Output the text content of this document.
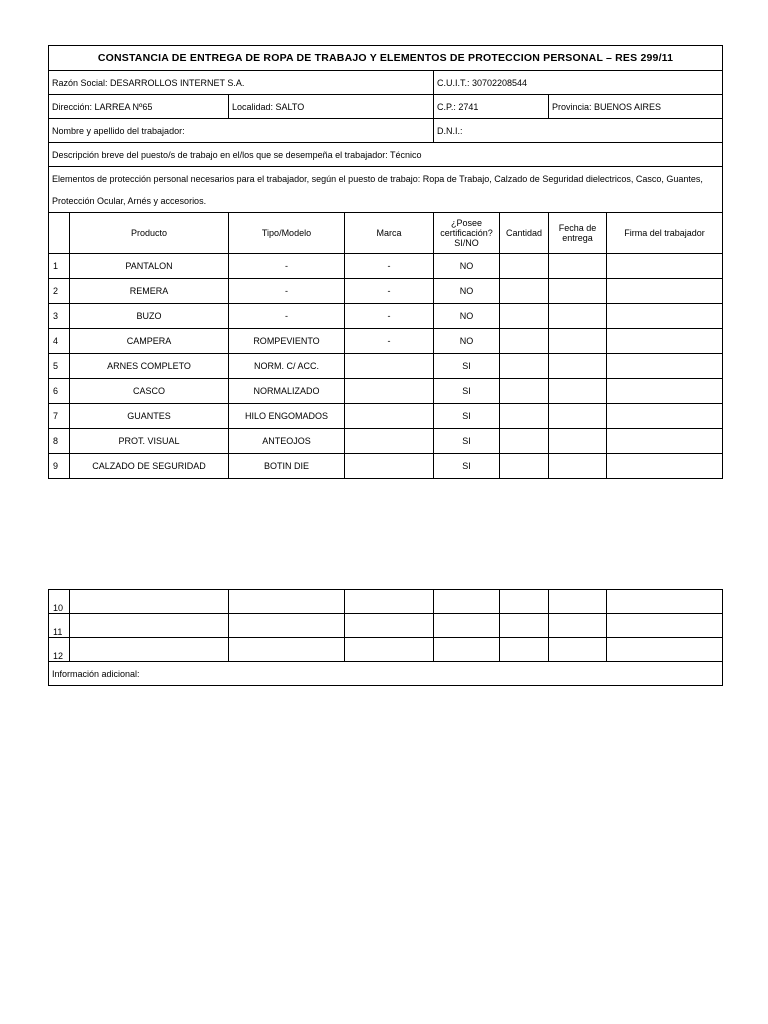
CONSTANCIA DE ENTREGA DE ROPA DE TRABAJO Y ELEMENTOS DE PROTECCION PERSONAL – RES 299/11							
Razón Social: DESARROLLOS INTERNET S.A.				C.U.I.T.: 30702208544			
Dirección: LARREA Nº65		Localidad: SALTO		C.P.: 2741		Provincia: BUENOS AIRES	
Nombre y apellido del trabajador:				D.N.I.:			
Descripción breve del puesto/s de trabajo en el/los que se desempeña el trabajador: Técnico							
Elementos de protección personal necesarios para el trabajador, según el puesto de trabajo: Ropa de Trabajo, Calzado de Seguridad dielectricos, Casco, Guantes,							
Protección Ocular, Arnés y accesorios.							
	Producto	Tipo/Modelo	Marca	¿Posee certificación? SI/NO	Cantidad	Fecha de entrega	Firma del trabajador
1	PANTALON	-	-	NO			
2	REMERA	-	-	NO			
3	BUZO	-	-	NO			
4	CAMPERA	ROMPEVIENTO	-	NO			
5	ARNES COMPLETO	NORM. C/ ACC.		SI			
6	CASCO	NORMALIZADO		SI			
7	GUANTES	HILO ENGOMADOS		SI			
8	PROT. VISUAL	ANTEOJOS		SI			
9	CALZADO DE SEGURIDAD	BOTIN DIE		SI			
10							
11							
12							
Información adicional:							
